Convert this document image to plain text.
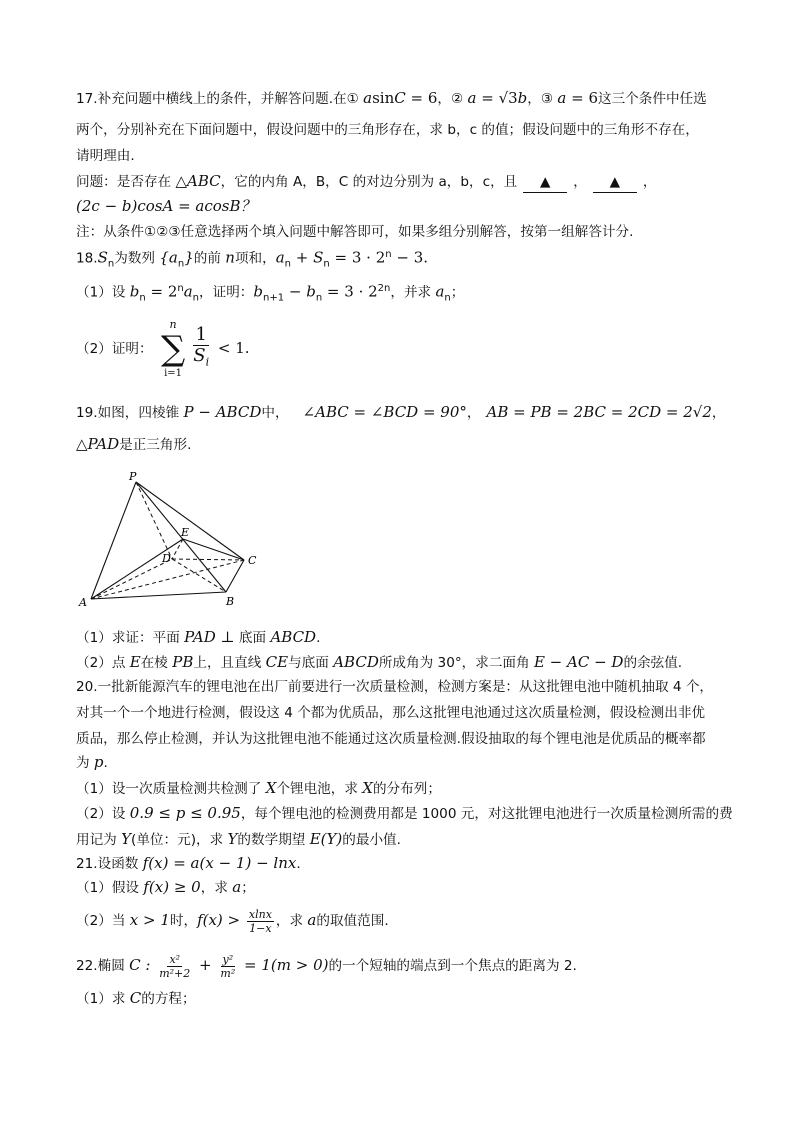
17.补充问题中横线上的条件，并解答问题.在① asinC = 6，② a = √3b，③ a = 6这三个条件中任选
两个，分别补充在下面问题中，假设问题中的三角形存在，求 b，c 的值；假设问题中的三角形不存在，
请明理由.
问题：是否存在 △ABC，它的内角 A，B，C 的对边分别为 a，b，c，且 ▲ ， ▲ ，
(2c − b)cosA = acosB？
注：从条件①②③任意选择两个填入问题中解答即可，如果多组分别解答，按第一组解答计分.
$18.S_n$为数列 $\{a_n\}$的前 n项和，$a_n + S_n = 3 \cdot 2^n - 3$.
（1）设 $b_n = 2^na_n$，证明：$b_{n+1} - b_n = 3 \cdot 2^{2n}$，并求 $a_n$；
（2）证明：
n
∑
i=1
$\frac{1}{S_i} < 1$.
19.如图，四棱锥 P − ABCD中， ∠ABC = ∠BCD = 90°， AB = PB = 2BC = 2CD = 2√2，
△PAD是正三角形.
P
A	B
C
D
E
（1）求证：平面 PAD ⊥ 底面 ABCD.
（2）点 E在棱 PB上，且直线 CE与底面 ABCD所成角为 30°，求二面角 E − AC − D的余弦值.
20.一批新能源汽车的锂电池在出厂前要进行一次质量检测，检测方案是：从这批锂电池中随机抽取 4 个，
对其一个一个地进行检测，假设这 4 个都为优质品，那么这批锂电池通过这次质量检测，假设检测出非优
质品，那么停止检测，并认为这批锂电池不能通过这次质量检测.假设抽取的每个锂电池是优质品的概率都
为 p.
（1）设一次质量检测共检测了 X个锂电池，求 X的分布列；
（2）设 0.9 ≤ p ≤ 0.95，每个锂电池的检测费用都是 1000 元，对这批锂电池进行一次质量检测所需的费
用记为 Y(单位：元)，求 Y的数学期望 E(Y)的最小值.
21.设函数 f(x) = a(x − 1) − lnx.
（1）假设 f(x) ≥ 0，求 a；
（2）当 x > 1时，$f(x) > \frac{xlnx}{1-x}$ ，求 a的取值范围.
22.椭圆 C : $\frac{\text{x²}}{\text{m²+2}} + \frac{\text{y²}}{\text{m²}} = 1(m > 0)$的一个短轴的端点到一个焦点的距离为 2.
（1）求 C的方程；
